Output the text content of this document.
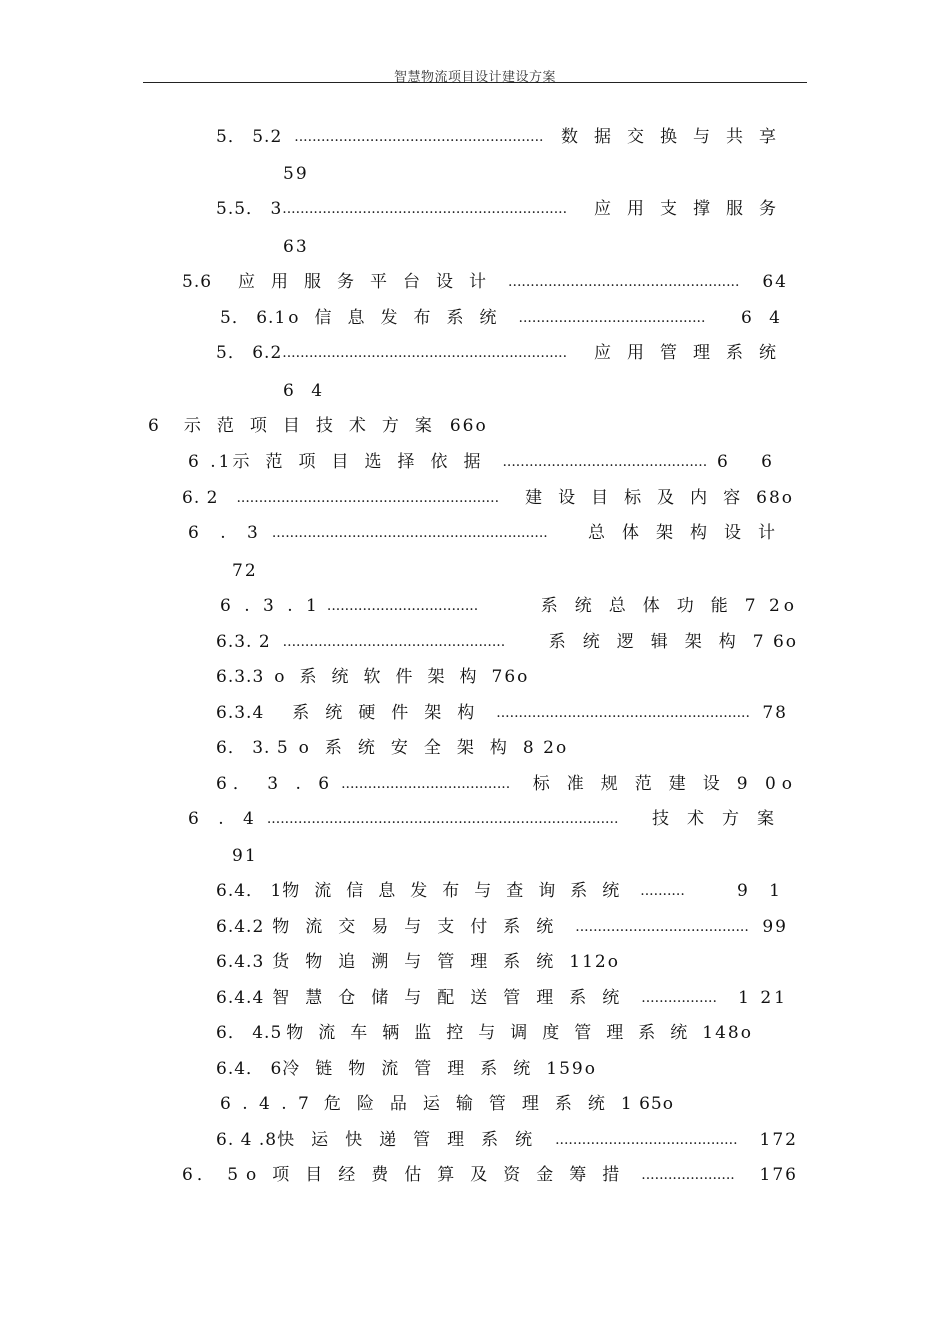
智慧物流项目设计建设方案
5． 5.2 ........................................................	数据交换与共享
59
5.5． 3 ................................................................	应用支撑服务
63
5.6 应用服务平台设计 ....................................................	64
5． 6.1 ο信息发布系统 ..........................................	6 4
5． 6.2 ................................................................	应用管理系统
6 4
6 示范项目技术方案 66ο
6 .1 示范项目选择依据 .............................................. 6 6
6. 2 ...........................................................	建设目标及内容 68ο
6 . 3 ..............................................................	总体架构设计
72
6 . 3 . 1 ..................................	系统总体功能 7 2ο
6.3. 2 ..................................................	系统逻辑架构 7 6ο
6.3.3 ο系统软件架构 76ο
6.3.4 系统硬件架构 ......................................................... 78
6． 3. 5 ο系统安全架构 8 2ο
6． 3 . 6 ......................................	标准规范建设 9 0ο
6 . 4 ...............................................................................	技术方案
91
6.4． 1 物流信息发布与查询系统 ..........	9 1
6.4.2 物流交易与支付系统 ....................................... 99
6.4.3 货物追溯与管理系统 112ο
6.4.4 智慧仓储与配送管理系统 .................	1 21
6． 4.5 物流车辆监控与调度管理系统 148ο
6.4． 6 冷链物流管理系统 159ο
6 . 4 . 7 危险品运输管理系统 1 65ο
6. 4 .8 快运快递管理系统 .........................................	172
6． 5 ο项目经费估算及资金筹措 .....................	176
